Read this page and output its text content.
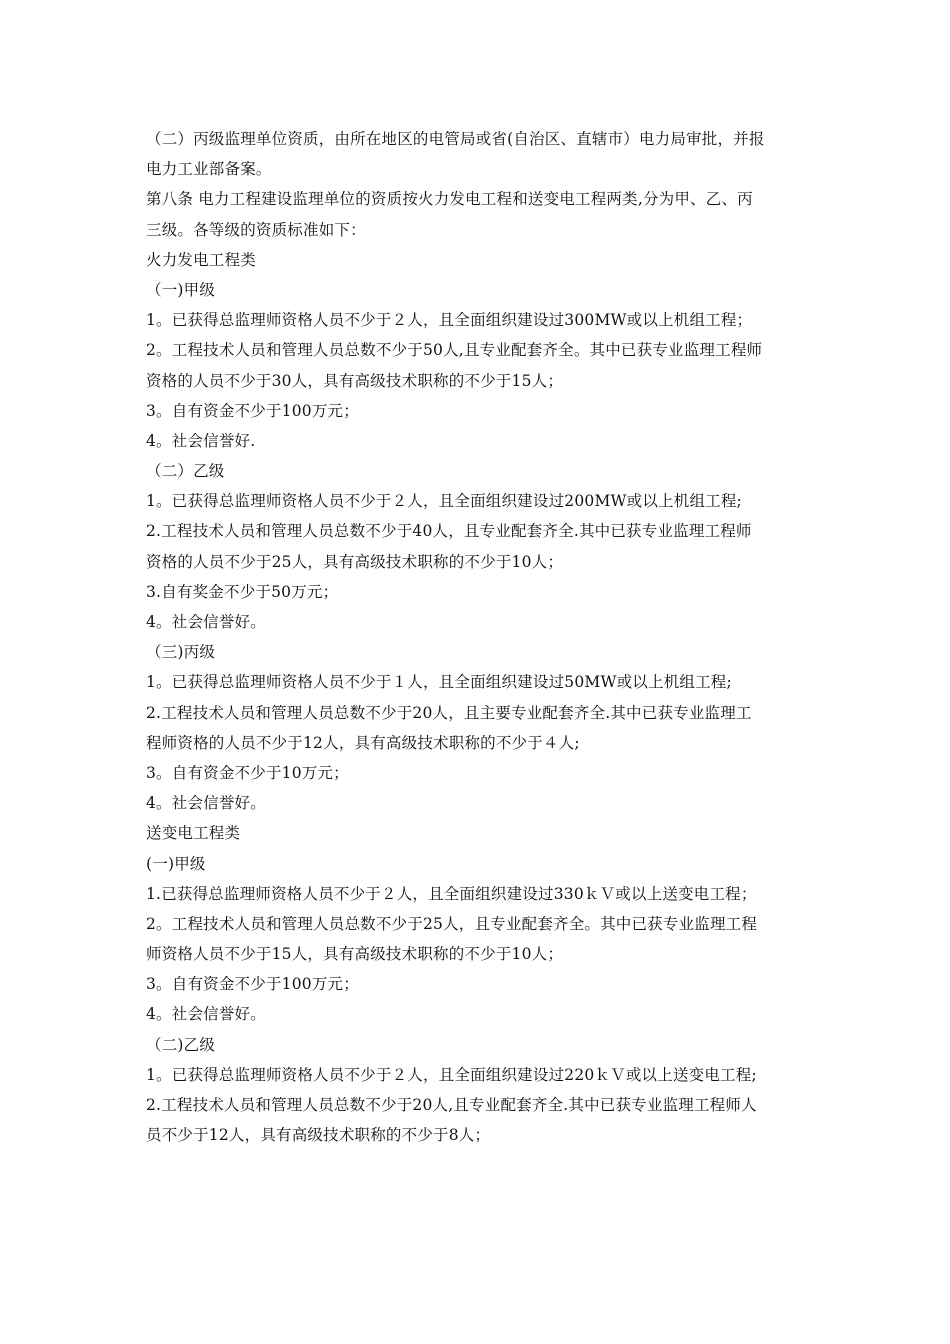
（二）丙级监理单位资质，由所在地区的电管局或省(自治区、直辖市）电力局审批，并报
电力工业部备案。
第八条 电力工程建设监理单位的资质按火力发电工程和送变电工程两类,分为甲、乙、丙
三级。各等级的资质标准如下：
火力发电工程类
（一)甲级
1。已获得总监理师资格人员不少于２人，且全面组织建设过300MW或以上机组工程；
2。工程技术人员和管理人员总数不少于50人,且专业配套齐全。其中已获专业监理工程师
资格的人员不少于30人，具有高级技术职称的不少于15人；
3。自有资金不少于100万元；
4。社会信誉好.
（二）乙级
1。已获得总监理师资格人员不少于２人，且全面组织建设过200MW或以上机组工程;
2.工程技术人员和管理人员总数不少于40人，且专业配套齐全.其中已获专业监理工程师
资格的人员不少于25人，具有高级技术职称的不少于10人；
3.自有奖金不少于50万元；
4。社会信誉好。
（三)丙级
1。已获得总监理师资格人员不少于１人，且全面组织建设过50MW或以上机组工程;
2.工程技术人员和管理人员总数不少于20人，且主要专业配套齐全.其中已获专业监理工
程师资格的人员不少于12人，具有高级技术职称的不少于４人;
3。自有资金不少于10万元；
4。社会信誉好。
送变电工程类
(一)甲级
1.已获得总监理师资格人员不少于２人，且全面组织建设过330ｋＶ或以上送变电工程；
2。工程技术人员和管理人员总数不少于25人，且专业配套齐全。其中已获专业监理工程
师资格人员不少于15人，具有高级技术职称的不少于10人；
3。自有资金不少于100万元；
4。社会信誉好。
（二)乙级
1。已获得总监理师资格人员不少于２人，且全面组织建设过220ｋＶ或以上送变电工程;
2.工程技术人员和管理人员总数不少于20人,且专业配套齐全.其中已获专业监理工程师人
员不少于12人，具有高级技术职称的不少于8人；
